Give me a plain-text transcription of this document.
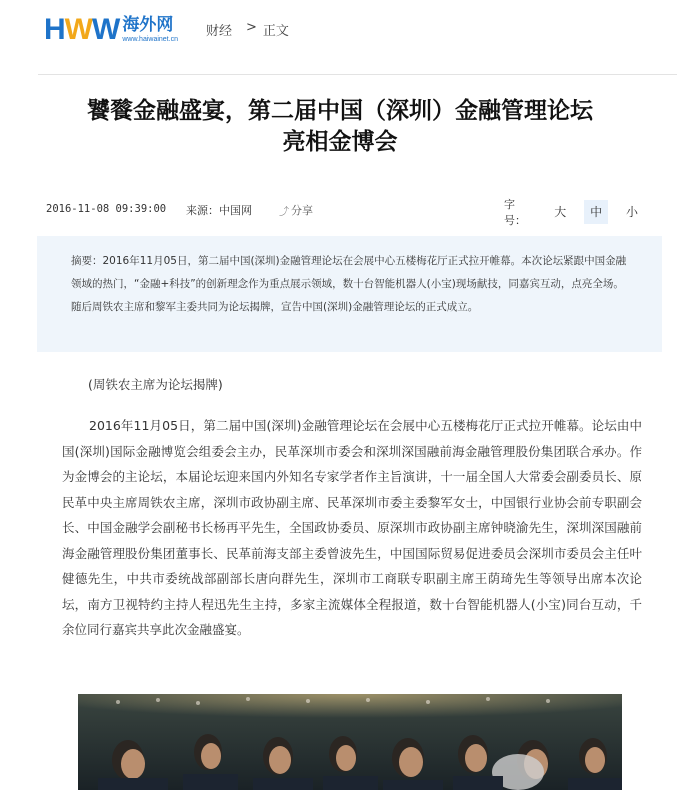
HWW 海外网
www.haiwainet.cn
财经 > 正文
饕餮金融盛宴，第二届中国（深圳）金融管理论坛
亮相金博会
2016-11-08 09:39:00 来源：中国网	⤴ 分享	字号：
大	中	小
摘要：2016年11月05日，第二届中国(深圳)金融管理论坛在会展中心五楼梅花厅正式拉开帷幕。本次论坛紧跟中国金融领域的热门，“金融+科技”的创新理念作为重点展示领域，数十台智能机器人(小宝)现场献技，同嘉宾互动，点亮全场。随后周铁农主席和黎军主委共同为论坛揭牌，宣告中国(深圳)金融管理论坛的正式成立。
(周铁农主席为论坛揭牌)

2016年11月05日，第二届中国(深圳)金融管理论坛在会展中心五楼梅花厅正式拉开帷幕。论坛由中国(深圳)国际金融博览会组委会主办，民革深圳市委会和深圳深国融前海金融管理股份集团联合承办。作为金博会的主论坛，本届论坛迎来国内外知名专家学者作主旨演讲，十一届全国人大常委会副委员长、原民革中央主席周铁农主席，深圳市政协副主席、民革深圳市委主委黎军女士，中国银行业协会前专职副会长、中国金融学会副秘书长杨再平先生，全国政协委员、原深圳市政协副主席钟晓渝先生，深圳深国融前海金融管理股份集团董事长、民革前海支部主委曾波先生，中国国际贸易促进委员会深圳市委员会主任叶健德先生，中共市委统战部副部长唐向群先生，深圳市工商联专职副主席王荫琦先生等领导出席本次论坛，南方卫视特约主持人程迅先生主持，多家主流媒体全程报道，数十台智能机器人(小宝)同台互动，千余位同行嘉宾共享此次金融盛宴。
